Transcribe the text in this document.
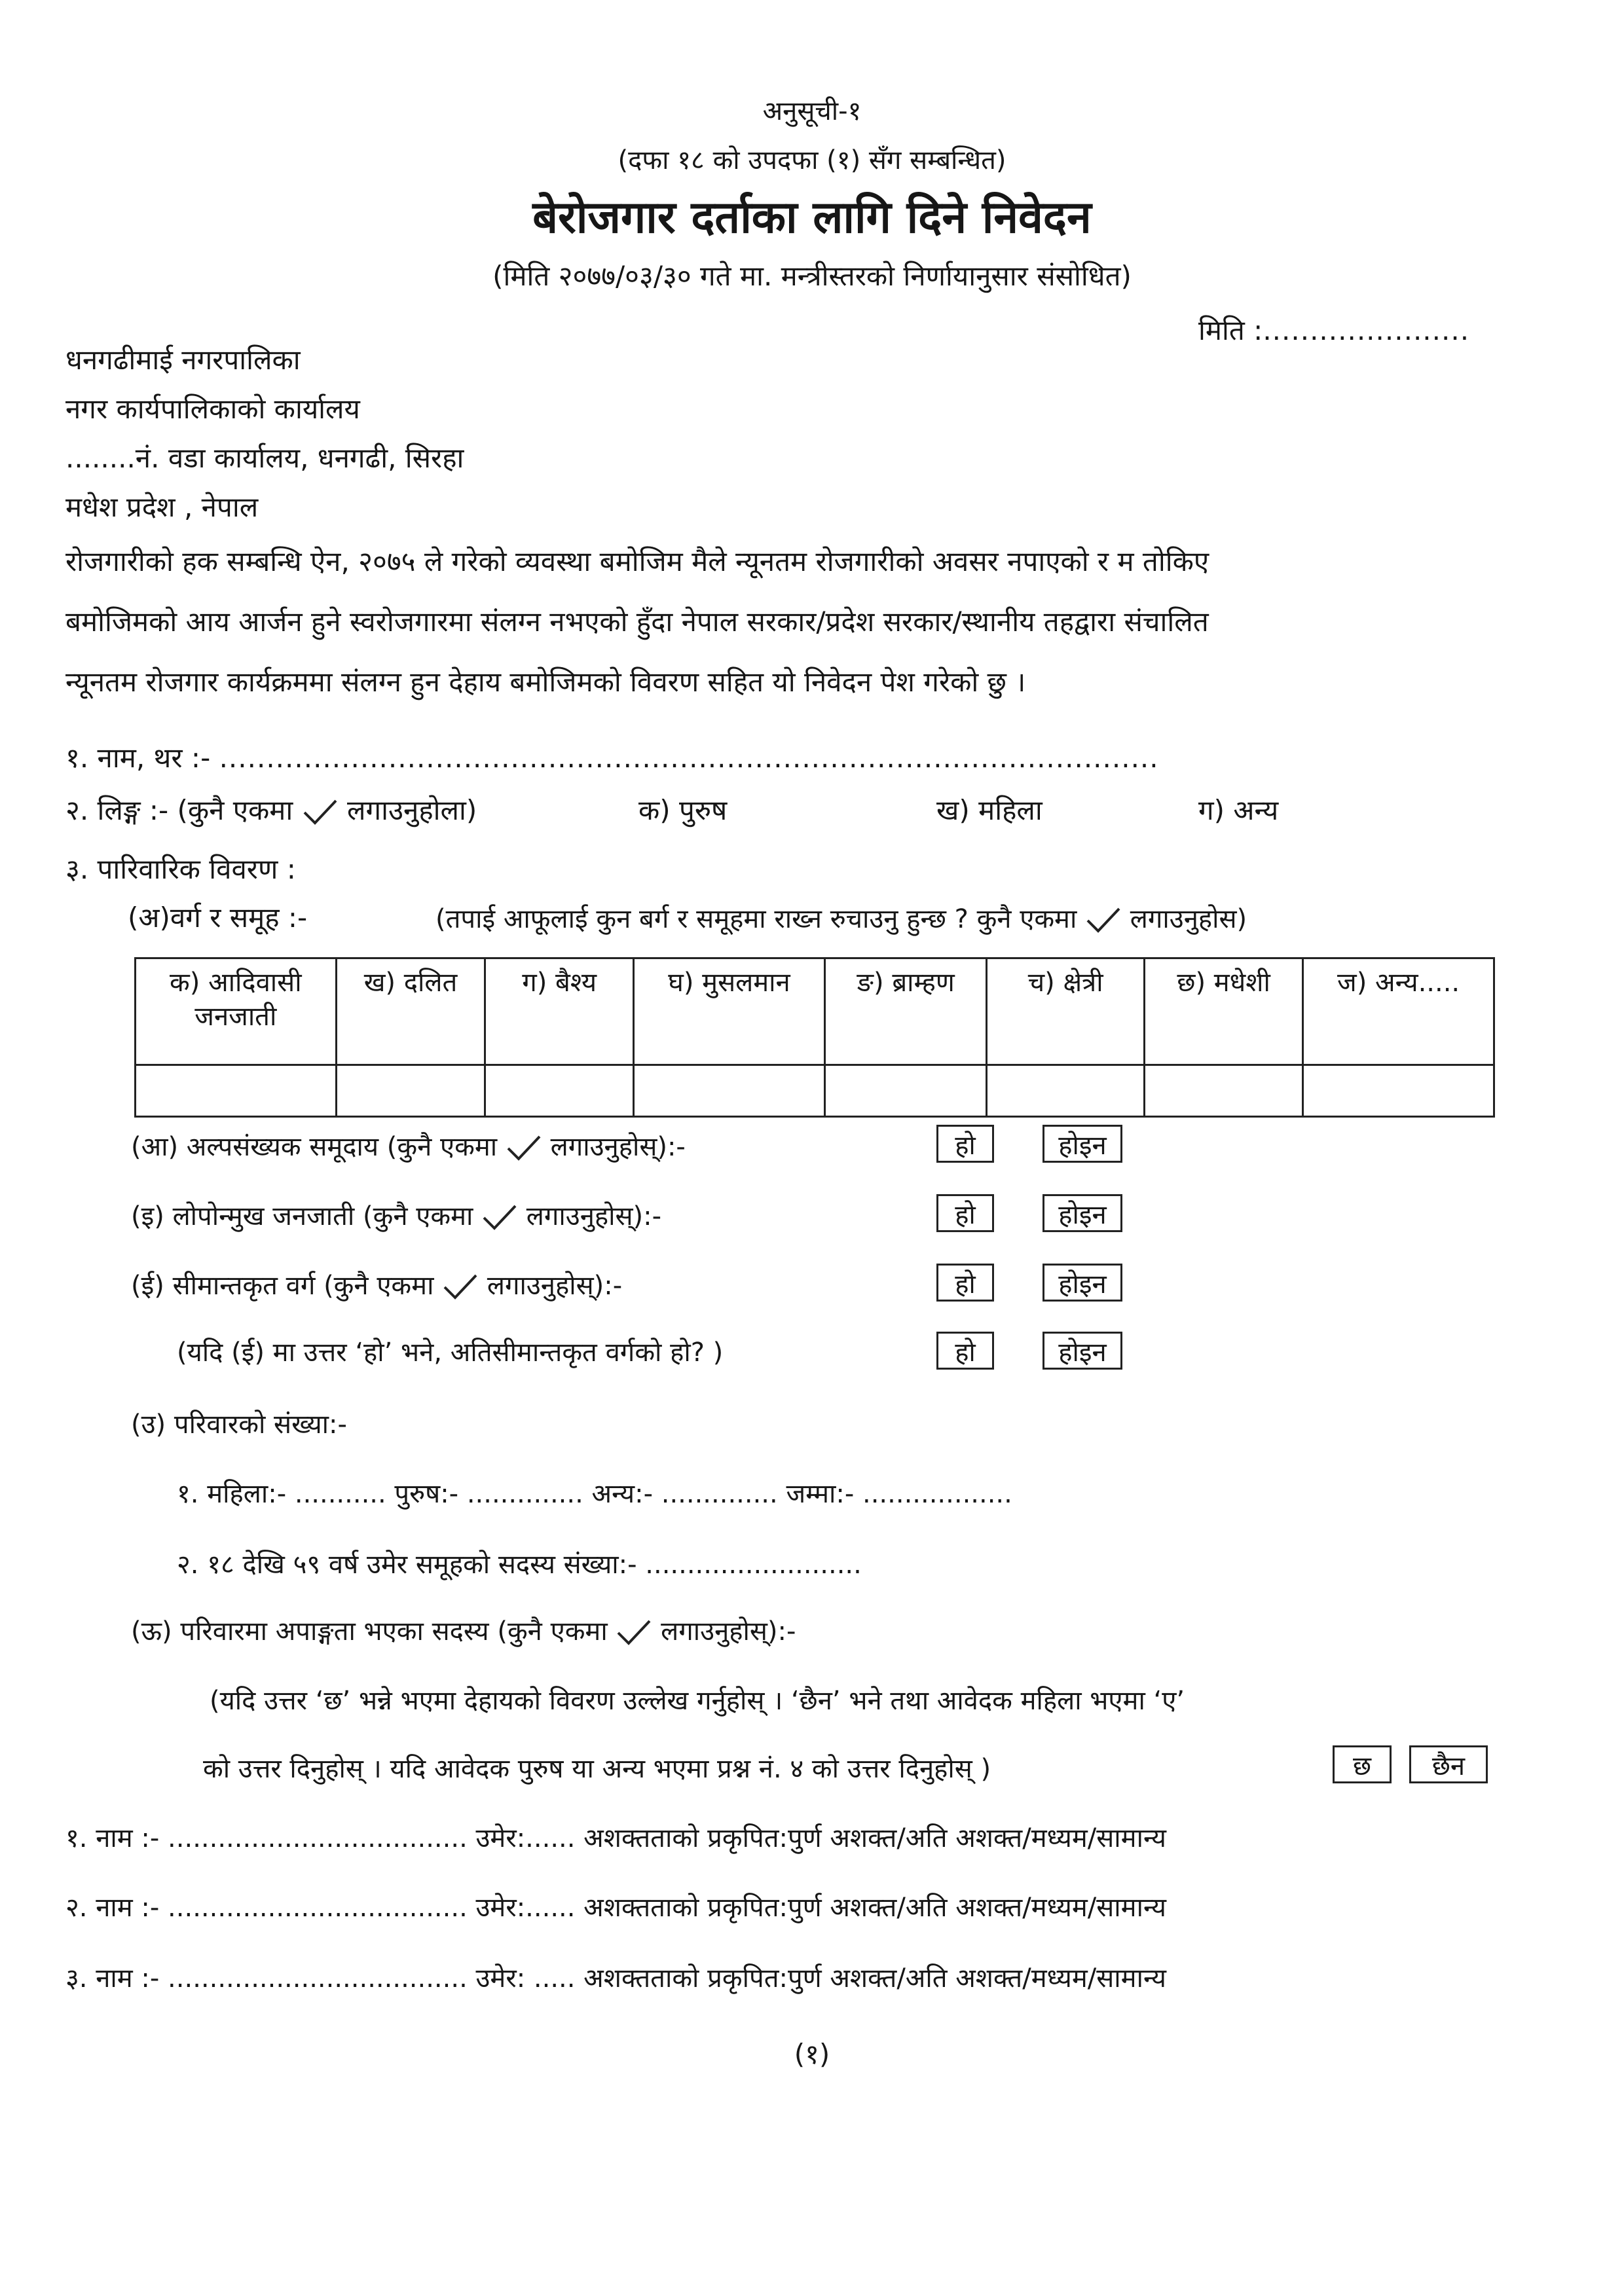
अनुसूची-१
(दफा १८ को उपदफा (१) सँग सम्बन्धित)
बेरोजगार दर्ताका लागि दिने निवेदन
(मिति २०७७/०३/३० गते मा. मन्त्रीस्तरको निर्णायानुसार संसोधित)
मिति :......................
धनगढीमाई नगरपालिका
नगर कार्यपालिकाको कार्यालय
........नं. वडा कार्यालय, धनगढी, सिरहा
मधेश प्रदेश , नेपाल
रोजगारीको हक सम्बन्धि ऐन, २०७५ ले गरेको व्यवस्था बमोजिम मैले न्यूनतम रोजगारीको अवसर नपाएको र म तोकिए
बमोजिमको आय आर्जन हुने स्वरोजगारमा संलग्न नभएको हुँदा नेपाल सरकार/प्रदेश सरकार/स्थानीय तहद्वारा संचालित
न्यूनतम रोजगार कार्यक्रममा संलग्न हुन देहाय बमोजिमको विवरण सहित यो निवेदन पेश गरेको छु ।
१. नाम, थर :- ....................................................................................................
२. लिङ्ग :- (कुनै एकमा लगाउनुहोला)	क) पुरुष	ख) महिला	ग) अन्य
३. पारिवारिक विवरण :
(अ)वर्ग र समूह :-	(तपाई आफूलाई कुन बर्ग र समूहमा राख्न रुचाउनु हुन्छ ? कुनै एकमा लगाउनुहोस)
क) आदिवासी जनजाती	ख) दलित	ग) बैश्य	घ) मुसलमान	ङ) ब्राम्हण	च) क्षेत्री	छ) मधेशी	ज) अन्य.....

(आ) अल्पसंख्यक समूदाय (कुनै एकमा लगाउनुहोस्):-	हो	होइन
(इ) लोपोन्मुख जनजाती (कुनै एकमा लगाउनुहोस्):-	हो	होइन
(ई) सीमान्तकृत वर्ग (कुनै एकमा लगाउनुहोस्):-	हो	होइन
(यदि (ई) मा उत्तर ‘हो’ भने, अतिसीमान्तकृत वर्गको हो? )	हो	होइन
(उ) परिवारको संख्या:-
१. महिला:- ........... पुरुष:- .............. अन्य:- .............. जम्मा:- ..................
२. १८ देखि ५९ वर्ष उमेर समूहको सदस्य संख्या:- ..........................
(ऊ) परिवारमा अपाङ्गता भएका सदस्य (कुनै एकमा लगाउनुहोस्):-
(यदि उत्तर ‘छ’ भन्ने भएमा देहायको विवरण उल्लेख गर्नुहोस् । ‘छैन’ भने तथा आवेदक महिला भएमा ‘ए’
को उत्तर दिनुहोस् । यदि आवेदक पुरुष या अन्य भएमा प्रश्न नं. ४ को उत्तर दिनुहोस् )	छ	छैन
१. नाम :- .................................... उमेर:...... अशक्तताको प्रकृपित:पुर्ण अशक्त/अति अशक्त/मध्यम/सामान्य
२. नाम :- .................................... उमेर:...... अशक्तताको प्रकृपित:पुर्ण अशक्त/अति अशक्त/मध्यम/सामान्य
३. नाम :- .................................... उमेर: ..... अशक्तताको प्रकृपित:पुर्ण अशक्त/अति अशक्त/मध्यम/सामान्य
(१)
